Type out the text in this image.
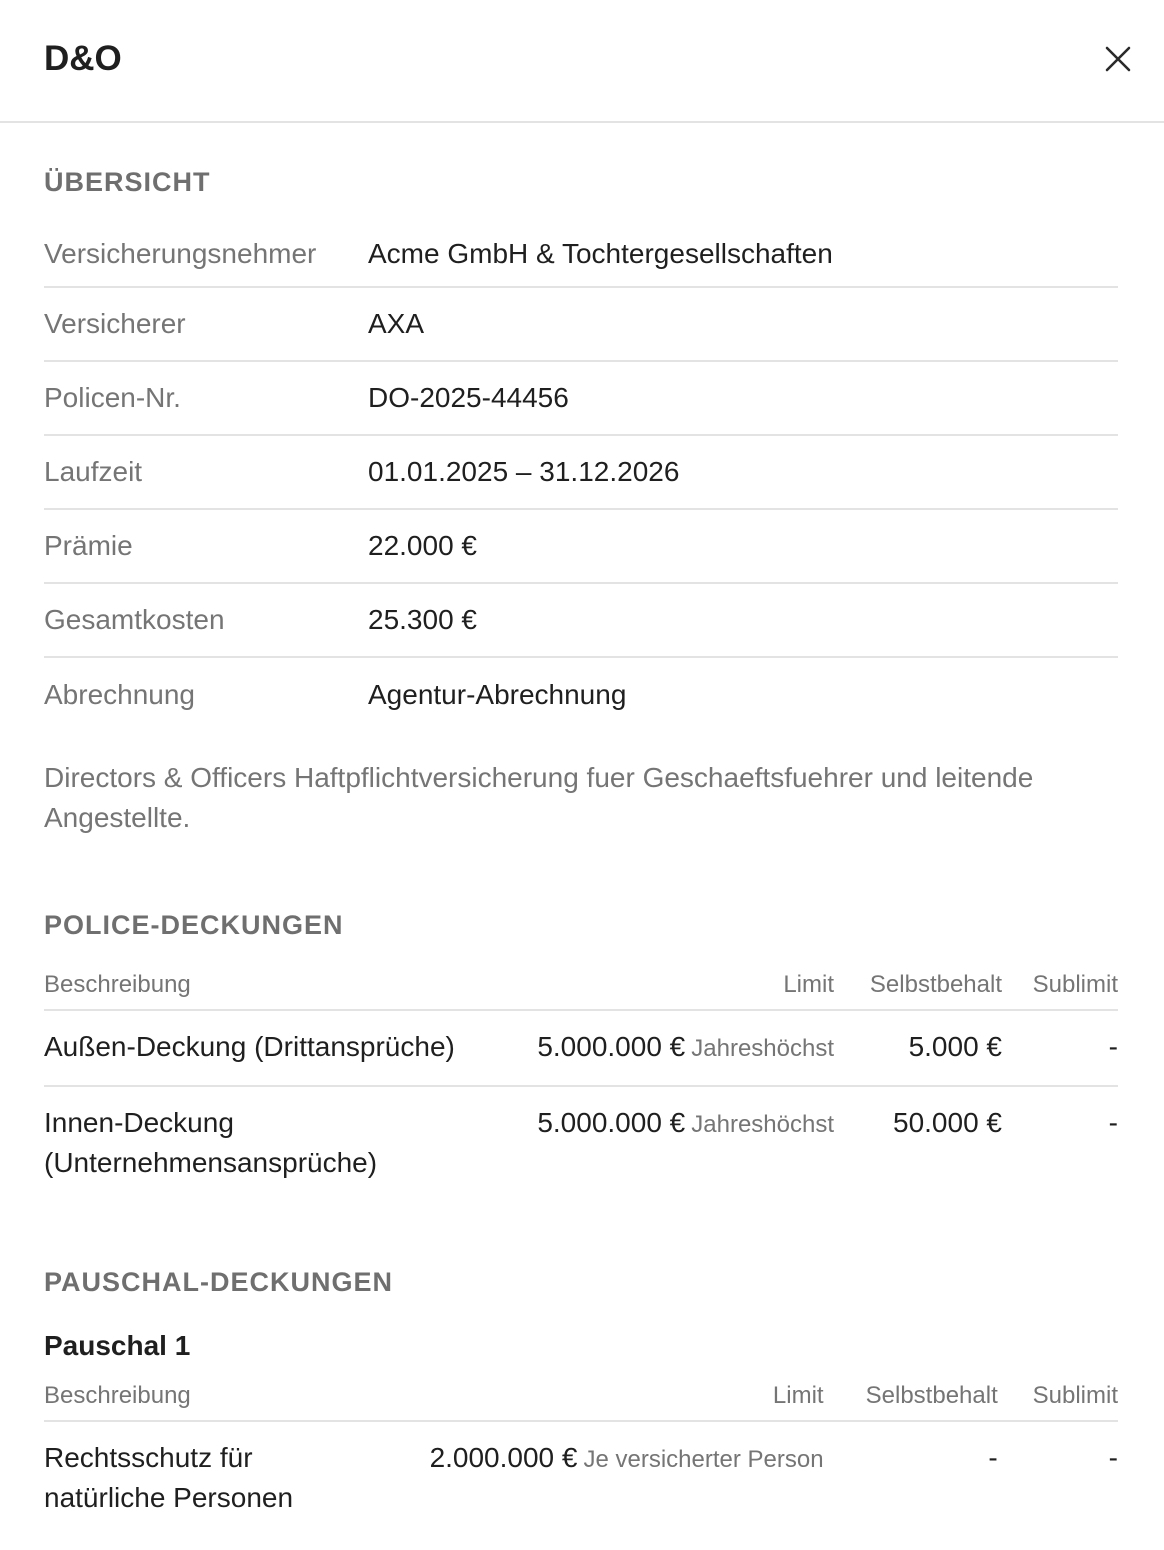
D&O
ÜBERSICHT
Versicherungsnehmer	Acme GmbH & Tochtergesellschaften
Versicherer	AXA
Policen-Nr.	DO-2025-44456
Laufzeit	01.01.2025 – 31.12.2026
Prämie	22.000 €
Gesamtkosten	25.300 €
Abrechnung	Agentur-Abrechnung
Directors & Officers Haftpflichtversicherung fuer Geschaeftsfuehrer und leitende Angestellte.
POLICE-DECKUNGEN
Beschreibung	Limit	Selbstbehalt	Sublimit
Außen-Deckung (Drittansprüche)	5.000.000 € Jahreshöchst	5.000 €	-
Innen-Deckung (Unternehmensansprüche)	5.000.000 € Jahreshöchst	50.000 €	-
PAUSCHAL-DECKUNGEN
Pauschal 1
Beschreibung	Limit	Selbstbehalt	Sublimit
Rechtsschutz für natürliche Personen	2.000.000 € Je versicherter Person	-	-
